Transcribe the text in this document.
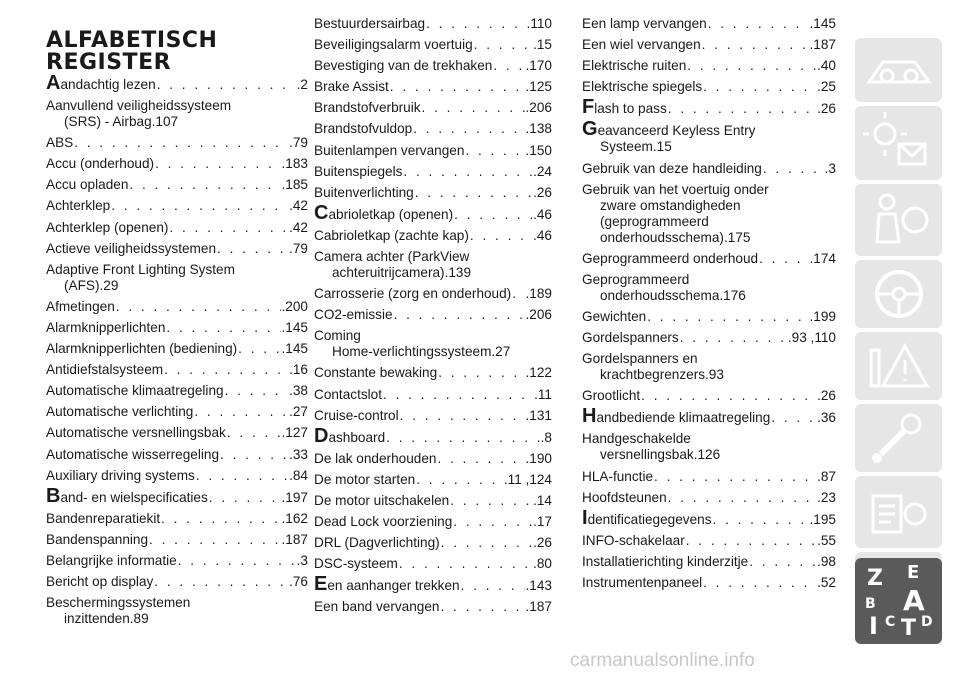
ALFABETISCH
REGISTER
Aandachtig lezen . . .	.2
Aanvullend veiligheidssysteem
(SRS) - Airbag .107
ABS . . .	.79
Accu (onderhoud) . . .	.183
Accu opladen . . .	.185
Achterklep . . .	.42
Achterklep (openen) . . .	.42
Actieve veiligheidssystemen . . .	.79
Adaptive Front Lighting System
(AFS) .29
Afmetingen . . .	.200
Alarmknipperlichten . . .	.145
Alarmknipperlichten (bediening) . . .	.145
Antidiefstalsysteem . . .	.16
Automatische klimaatregeling . . .	.38
Automatische verlichting . . .	.27
Automatische versnellingsbak . . .	.127
Automatische wisserregeling . . .	.33
Auxiliary driving systems . . .	.84
Band- en wielspecificaties . . .	.197
Bandenreparatiekit . . .	.162
Bandenspanning . . .	.187
Belangrijke informatie . . .	.3
Bericht op display . . .	.76
Beschermingssystemen
inzittenden .89
Bestuurdersairbag . . .	.110
Beveiligingsalarm voertuig . . .	.15
Bevestiging van de trekhaken . . . .170
Brake Assist . . .	.125
Brandstofverbruik . . .	.206
Brandstofvuldop . . .	.138
Buitenlampen vervangen . . .	.150
Buitenspiegels . . .	.24
Buitenverlichting . . .	.26
Cabrioletkap (openen) . . .	.46
Cabrioletkap (zachte kap) . . .	.46
Camera achter (ParkView
achteruitrijcamera) .139
Carrosserie (zorg en onderhoud) . . . .189
CO2-emissie . . .	.206
Coming
Home-verlichtingssysteem .27
Constante bewaking . . .	.122
Contactslot . . .	.11
Cruise-control . . .	.131
Dashboard . . .	.8
De lak onderhouden . . .	.190
De motor starten . . .	.11 ,124
De motor uitschakelen . . .	.14
Dead Lock voorziening . . .	.17
DRL (Dagverlichting) . . .	.26
DSC-systeem . . .	.80
Een aanhanger trekken . . .	.143
Een band vervangen . . .	.187
Een lamp vervangen . . .	.145
Een wiel vervangen . . .	.187
Elektrische ruiten . . .	.40
Elektrische spiegels . . .	.25
Flash to pass . . .	.26
Geavanceerd Keyless Entry
Systeem .15
Gebruik van deze handleiding . . .	.3
Gebruik van het voertuig onder
zware omstandigheden
(geprogrammeerd
onderhoudsschema) .175
Geprogrammeerd onderhoud . . .	.174
Geprogrammeerd
onderhoudsschema .176
Gewichten . . .	.199
Gordelspanners . . .	.93 ,110
Gordelspanners en
krachtbegrenzers .93
Grootlicht . . .	.26
Handbediende klimaatregeling . . .	.36
Handgeschakelde
versnellingsbak .126
HLA-functie . . .	.87
Hoofdsteunen . . .	.23
Identificatiegegevens . . .	.195
INFO-schakelaar . . .	.55
Installatierichting kinderzitje . . .	.98
Instrumentenpaneel . . .	.52 Z E
B A
D
I C T
carmanualsonline.info
